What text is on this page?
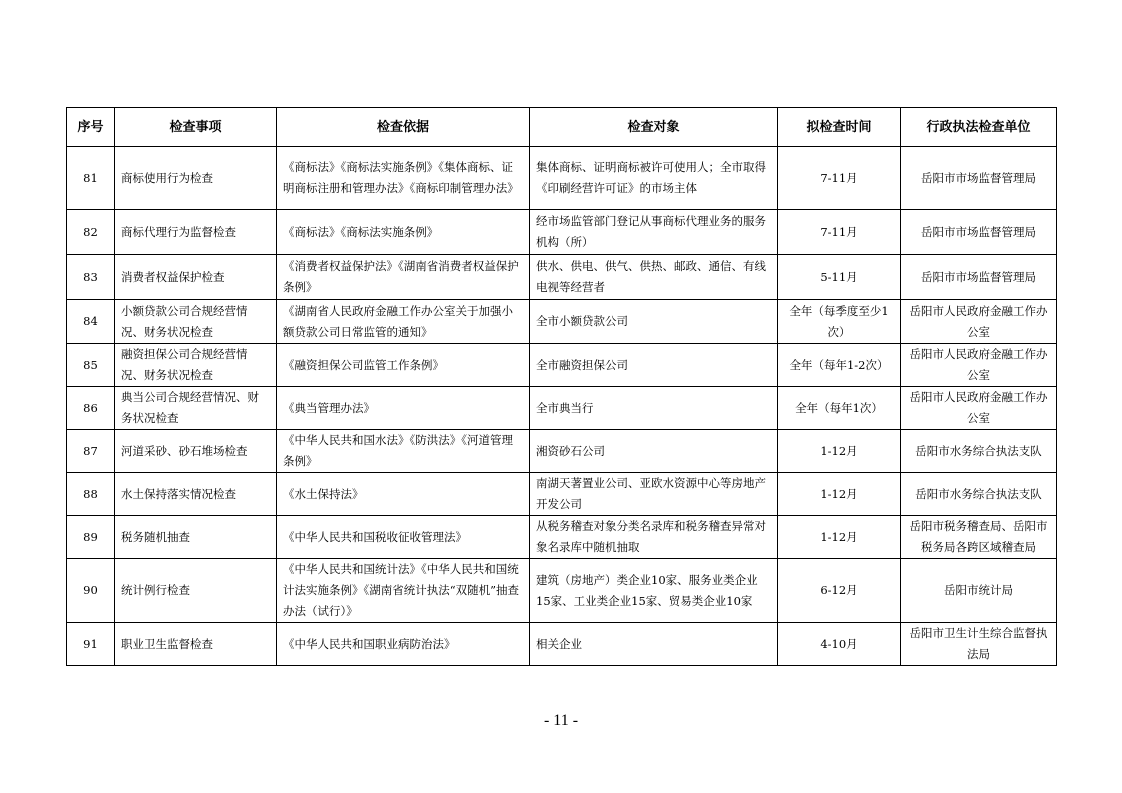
序号	检查事项	检查依据	检查对象	拟检查时间	行政执法检查单位
81	商标使用行为检查	《商标法》《商标法实施条例》《集体商标、证明商标注册和管理办法》《商标印制管理办法》	集体商标、证明商标被许可使用人；全市取得《印刷经营许可证》的市场主体	7-11月	岳阳市市场监督管理局
82	商标代理行为监督检查	《商标法》《商标法实施条例》	经市场监管部门登记从事商标代理业务的服务机构（所）	7-11月	岳阳市市场监督管理局
83	消费者权益保护检查	《消费者权益保护法》《湖南省消费者权益保护条例》	供水、供电、供气、供热、邮政、通信、有线电视等经营者	5-11月	岳阳市市场监督管理局
84	小额贷款公司合规经营情况、财务状况检查	《湖南省人民政府金融工作办公室关于加强小额贷款公司日常监管的通知》	全市小额贷款公司	全年（每季度至少1次）	岳阳市人民政府金融工作办公室
85	融资担保公司合规经营情况、财务状况检查	《融资担保公司监管工作条例》	全市融资担保公司	全年（每年1-2次）	岳阳市人民政府金融工作办公室
86	典当公司合规经营情况、财务状况检查	《典当管理办法》	全市典当行	全年（每年1次）	岳阳市人民政府金融工作办公室
87	河道采砂、砂石堆场检查	《中华人民共和国水法》《防洪法》《河道管理条例》	湘资砂石公司	1-12月	岳阳市水务综合执法支队
88	水土保持落实情况检查	《水土保持法》	南湖天著置业公司、亚欧水资源中心等房地产开发公司	1-12月	岳阳市水务综合执法支队
89	税务随机抽查	《中华人民共和国税收征收管理法》	从税务稽查对象分类名录库和税务稽查异常对象名录库中随机抽取	1-12月	岳阳市税务稽查局、岳阳市税务局各跨区域稽查局
90	统计例行检查	《中华人民共和国统计法》《中华人民共和国统计法实施条例》《湖南省统计执法“双随机”抽查办法（试行）》	建筑（房地产）类企业10家、服务业类企业15家、工业类企业15家、贸易类企业10家	6-12月	岳阳市统计局
91	职业卫生监督检查	《中华人民共和国职业病防治法》	相关企业	4-10月	岳阳市卫生计生综合监督执法局
- 11 -
